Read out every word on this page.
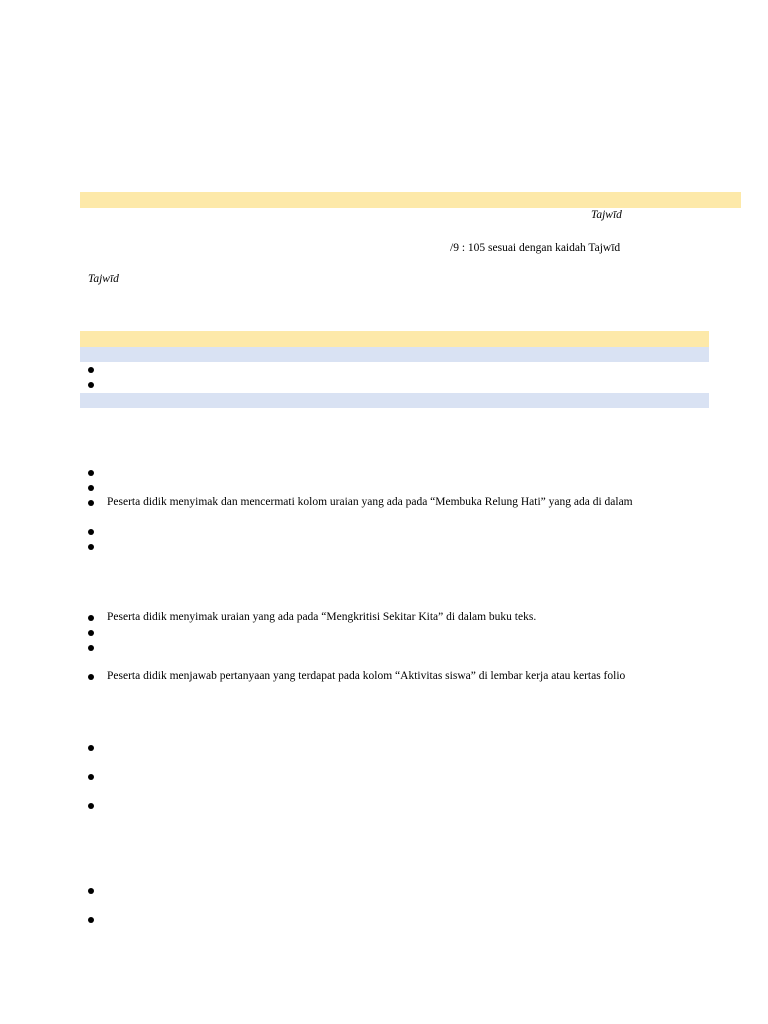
Tajwīd
/9 : 105 sesuai dengan kaidah Tajwīd
Tajwīd
Peserta didik menyimak dan mencermati kolom uraian yang ada pada “Membuka Relung Hati” yang ada di dalam
Peserta didik menyimak uraian yang ada pada “Mengkritisi Sekitar Kita” di dalam buku teks.
Peserta didik menjawab pertanyaan yang terdapat pada kolom “Aktivitas siswa” di lembar kerja atau kertas folio
